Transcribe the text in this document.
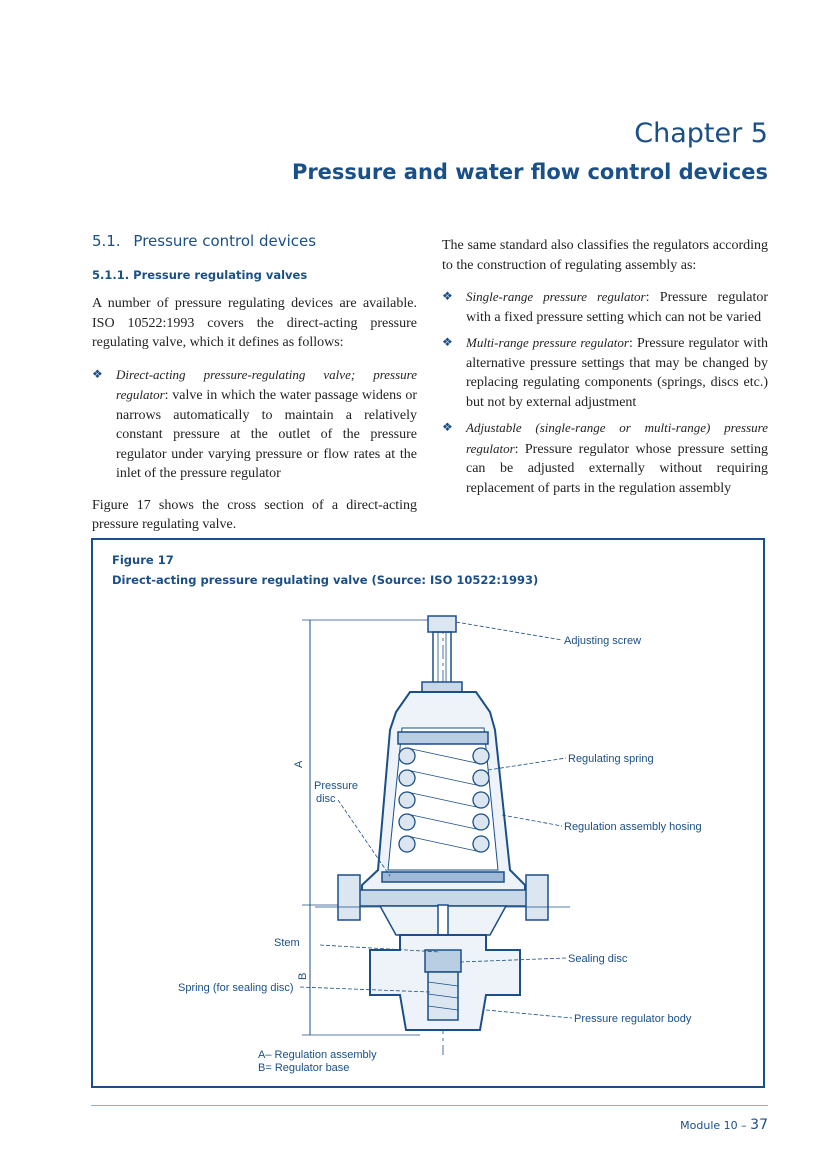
Chapter 5
Pressure and water flow control devices
5.1. Pressure control devices
5.1.1. Pressure regulating valves

A number of pressure regulating devices are available. ISO 10522:1993 covers the direct-acting pressure regulating valve, which it defines as follows:

❖ Direct-acting pressure-regulating valve; pressure regulator: valve in which the water passage widens or narrows automatically to maintain a relatively constant pressure at the outlet of the pressure regulator under varying pressure or flow rates at the inlet of the pressure regulator

Figure 17 shows the cross section of a direct-acting pressure regulating valve.

The same standard also classifies the regulators according to the construction of regulating assembly as:

❖ Single-range pressure regulator: Pressure regulator with a fixed pressure setting which can not be varied
❖ Multi-range pressure regulator: Pressure regulator with alternative pressure settings that may be changed by replacing regulating components (springs, discs etc.) but not by external adjustment
❖ Adjustable (single-range or multi-range) pressure regulator: Pressure regulator whose pressure setting can be adjusted externally without requiring replacement of parts in the regulation assembly
Figure 17
Direct-acting pressure regulating valve (Source: ISO 10522:1993)
Adjusting screw
Regulating spring
Regulation assembly hosing
Pressure
disc
Stem
Spring (for sealing disc)
Sealing disc
Pressure regulator body
A
B
A– Regulation assembly
B= Regulator base
Module 10 – 37
